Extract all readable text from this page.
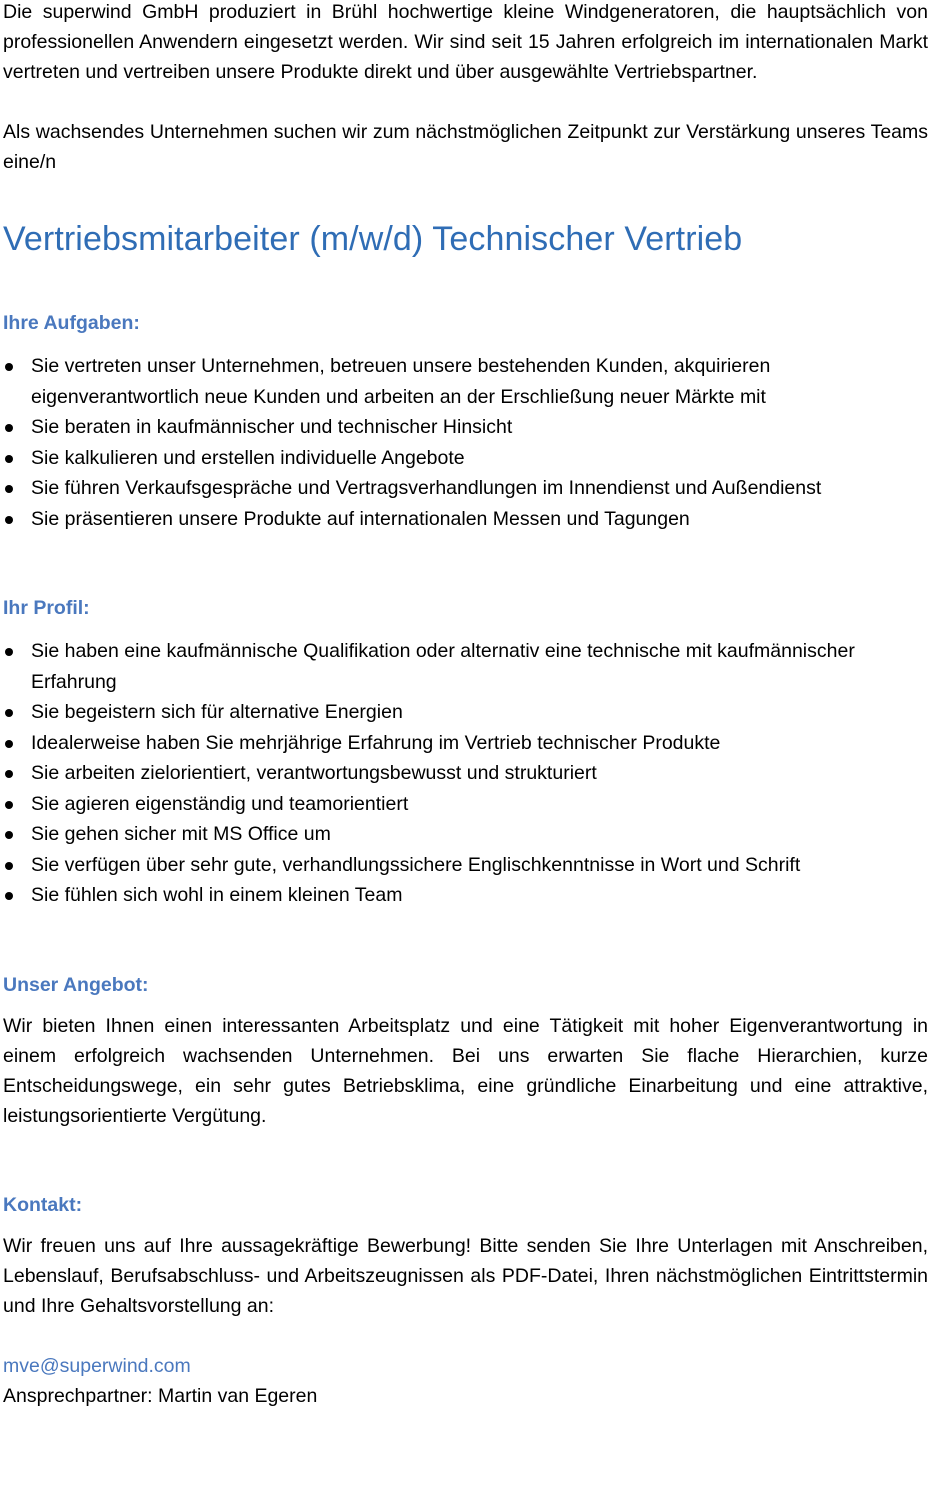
Die superwind GmbH produziert in Brühl hochwertige kleine Windgeneratoren, die hauptsächlich von professionellen Anwendern eingesetzt werden. Wir sind seit 15 Jahren erfolgreich im internationalen Markt vertreten und vertreiben unsere Produkte direkt und über ausgewählte Vertriebspartner.

Als wachsendes Unternehmen suchen wir zum nächstmöglichen Zeitpunkt zur Verstärkung unseres Teams eine/n

Vertriebsmitarbeiter (m/w/d) Technischer Vertrieb
Ihre Aufgaben:
Sie vertreten unser Unternehmen, betreuen unsere bestehenden Kunden, akquirieren eigenverantwortlich neue Kunden und arbeiten an der Erschließung neuer Märkte mit
Sie beraten in kaufmännischer und technischer Hinsicht
Sie kalkulieren und erstellen individuelle Angebote
Sie führen Verkaufsgespräche und Vertragsverhandlungen im Innendienst und Außendienst
Sie präsentieren unsere Produkte auf internationalen Messen und Tagungen
Ihr Profil:
Sie haben eine kaufmännische Qualifikation oder alternativ eine technische mit kaufmännischer Erfahrung
Sie begeistern sich für alternative Energien
Idealerweise haben Sie mehrjährige Erfahrung im Vertrieb technischer Produkte
Sie arbeiten zielorientiert, verantwortungsbewusst und strukturiert
Sie agieren eigenständig und teamorientiert
Sie gehen sicher mit MS Office um
Sie verfügen über sehr gute, verhandlungssichere Englischkenntnisse in Wort und Schrift
Sie fühlen sich wohl in einem kleinen Team
Unser Angebot:

Wir bieten Ihnen einen interessanten Arbeitsplatz und eine Tätigkeit mit hoher Eigenverantwortung in einem erfolgreich wachsenden Unternehmen. Bei uns erwarten Sie flache Hierarchien, kurze Entscheidungswege, ein sehr gutes Betriebsklima, eine gründliche Einarbeitung und eine attraktive, leistungsorientierte Vergütung.

Kontakt:

Wir freuen uns auf Ihre aussagekräftige Bewerbung! Bitte senden Sie Ihre Unterlagen mit Anschreiben, Lebenslauf, Berufsabschluss- und Arbeitszeugnissen als PDF-Datei, Ihren nächstmöglichen Eintrittstermin und Ihre Gehaltsvorstellung an:

mve@superwind.com

Ansprechpartner: Martin van Egeren
